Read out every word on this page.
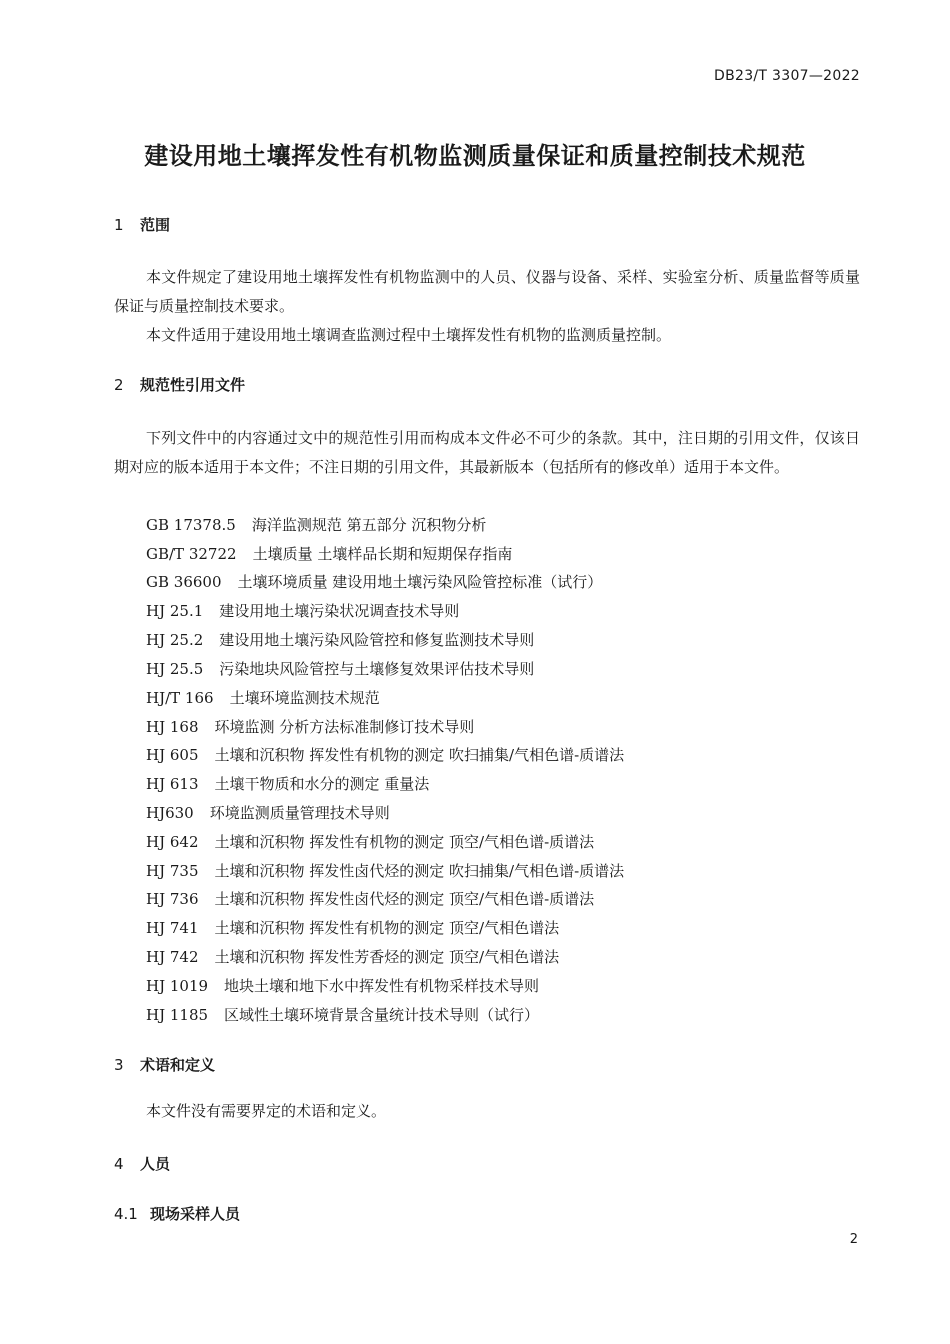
DB23/T 3307—2022
建设用地土壤挥发性有机物监测质量保证和质量控制技术规范
1 范围
本文件规定了建设用地土壤挥发性有机物监测中的人员、仪器与设备、采样、实验室分析、质量监督等质量保证与质量控制技术要求。
本文件适用于建设用地土壤调查监测过程中土壤挥发性有机物的监测质量控制。
2 规范性引用文件
下列文件中的内容通过文中的规范性引用而构成本文件必不可少的条款。其中，注日期的引用文件，仅该日期对应的版本适用于本文件；不注日期的引用文件，其最新版本（包括所有的修改单）适用于本文件。
GB 17378.5 海洋监测规范 第五部分 沉积物分析
GB/T 32722 土壤质量 土壤样品长期和短期保存指南
GB 36600 土壤环境质量 建设用地土壤污染风险管控标准（试行）
HJ 25.1 建设用地土壤污染状况调查技术导则
HJ 25.2 建设用地土壤污染风险管控和修复监测技术导则
HJ 25.5 污染地块风险管控与土壤修复效果评估技术导则
HJ/T 166 土壤环境监测技术规范
HJ 168 环境监测 分析方法标准制修订技术导则
HJ 605 土壤和沉积物 挥发性有机物的测定 吹扫捕集/气相色谱-质谱法
HJ 613 土壤干物质和水分的测定 重量法
HJ630 环境监测质量管理技术导则
HJ 642 土壤和沉积物 挥发性有机物的测定 顶空/气相色谱-质谱法
HJ 735 土壤和沉积物 挥发性卤代烃的测定 吹扫捕集/气相色谱-质谱法
HJ 736 土壤和沉积物 挥发性卤代烃的测定 顶空/气相色谱-质谱法
HJ 741 土壤和沉积物 挥发性有机物的测定 顶空/气相色谱法
HJ 742 土壤和沉积物 挥发性芳香烃的测定 顶空/气相色谱法
HJ 1019 地块土壤和地下水中挥发性有机物采样技术导则
HJ 1185 区域性土壤环境背景含量统计技术导则（试行）
3 术语和定义
本文件没有需要界定的术语和定义。
4 人员
4.1 现场采样人员
2
